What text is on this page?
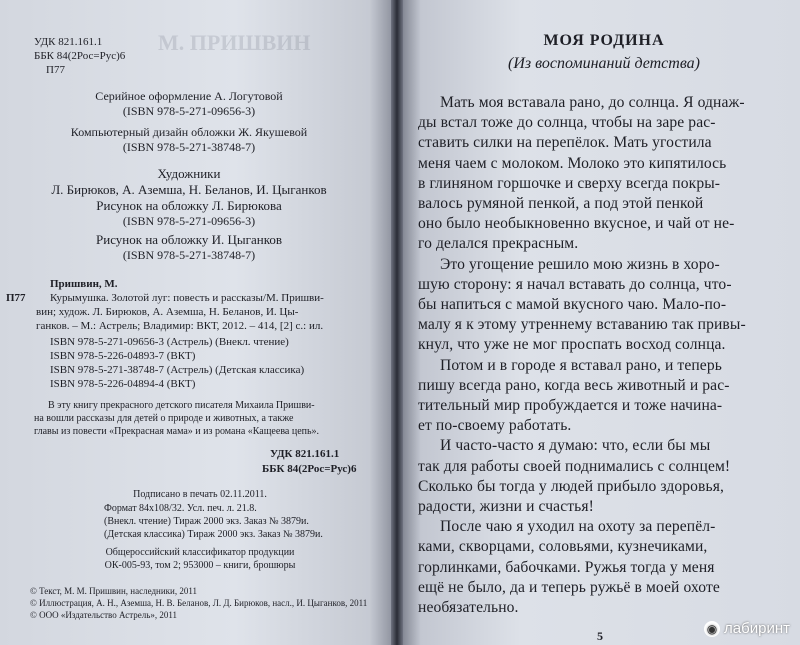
М. ПРИШВИН
УДК 821.161.1
ББК 84(2Рос=Рус)6
П77
Серийное оформление А. Логутовой
(ISBN 978-5-271-09656-3)
Компьютерный дизайн обложки Ж. Якушевой
(ISBN 978-5-271-38748-7)
Художники
Л. Бирюков, А. Аземша, Н. Беланов, И. Цыганков
Рисунок на обложку Л. Бирюкова
(ISBN 978-5-271-09656-3)
Рисунок на обложку И. Цыганков
(ISBN 978-5-271-38748-7)
Пришвин, М.
П77 Курымушка. Золотой луг: повесть и рассказы/М. Пришви-
вин; худож. Л. Бирюков, А. Аземша, Н. Беланов, И. Цы-
ганков. – М.: Астрель; Владимир: ВКТ, 2012. – 414, [2] с.: ил.
ISBN 978-5-271-09656-3 (Астрель) (Внекл. чтение)
ISBN 978-5-226-04893-7 (ВКТ)
ISBN 978-5-271-38748-7 (Астрель) (Детская классика)
ISBN 978-5-226-04894-4 (ВКТ)
В эту книгу прекрасного детского писателя Михаила Пришви-
на вошли рассказы для детей о природе и животных, а также
главы из повести «Прекрасная мама» и из романа «Кащеева цепь».
УДК 821.161.1
ББК 84(2Рос=Рус)6
Подписано в печать 02.11.2011.
Формат 84х108/32. Усл. печ. л. 21.8.
(Внекл. чтение) Тираж 2000 экз. Заказ № 3879и.
(Детская классика) Тираж 2000 экз. Заказ № 3879и.
Общероссийский классификатор продукции
ОК-005-93, том 2; 953000 – книги, брошюры
© Текст, М. М. Пришвин, наследники, 2011
© Иллюстрация, А. Н., Аземша, Н. В. Беланов, Л. Д. Бирюков, насл., И. Цыганков, 2011
© ООО «Издательство Астрель», 2011
МОЯ РОДИНА
(Из воспоминаний детства)
5
◉ лабиринт
Мать моя вставала рано, до солнца. Я однаж-
ды встал тоже до солнца, чтобы на заре рас-
ставить силки на перепёлок. Мать угостила
меня чаем с молоком. Молоко это кипятилось
в глиняном горшочке и сверху всегда покры-
валось румяной пенкой, а под этой пенкой
оно было необыкновенно вкусное, и чай от не-
го делался прекрасным.
Это угощение решило мою жизнь в хоро-
шую сторону: я начал вставать до солнца, что-
бы напиться с мамой вкусного чаю. Мало-по-
малу я к этому утреннему вставанию так привы-
кнул, что уже не мог проспать восход солнца.
Потом и в городе я вставал рано, и теперь
пишу всегда рано, когда весь животный и рас-
тительный мир пробуждается и тоже начина-
ет по-своему работать.
И часто-часто я думаю: что, если бы мы
так для работы своей поднимались с солнцем!
Сколько бы тогда у людей прибыло здоровья,
радости, жизни и счастья!
После чаю я уходил на охоту за перепёл-
ками, скворцами, соловьями, кузнечиками,
горлинками, бабочками. Ружья тогда у меня
ещё не было, да и теперь ружьё в моей охоте
необязательно.
